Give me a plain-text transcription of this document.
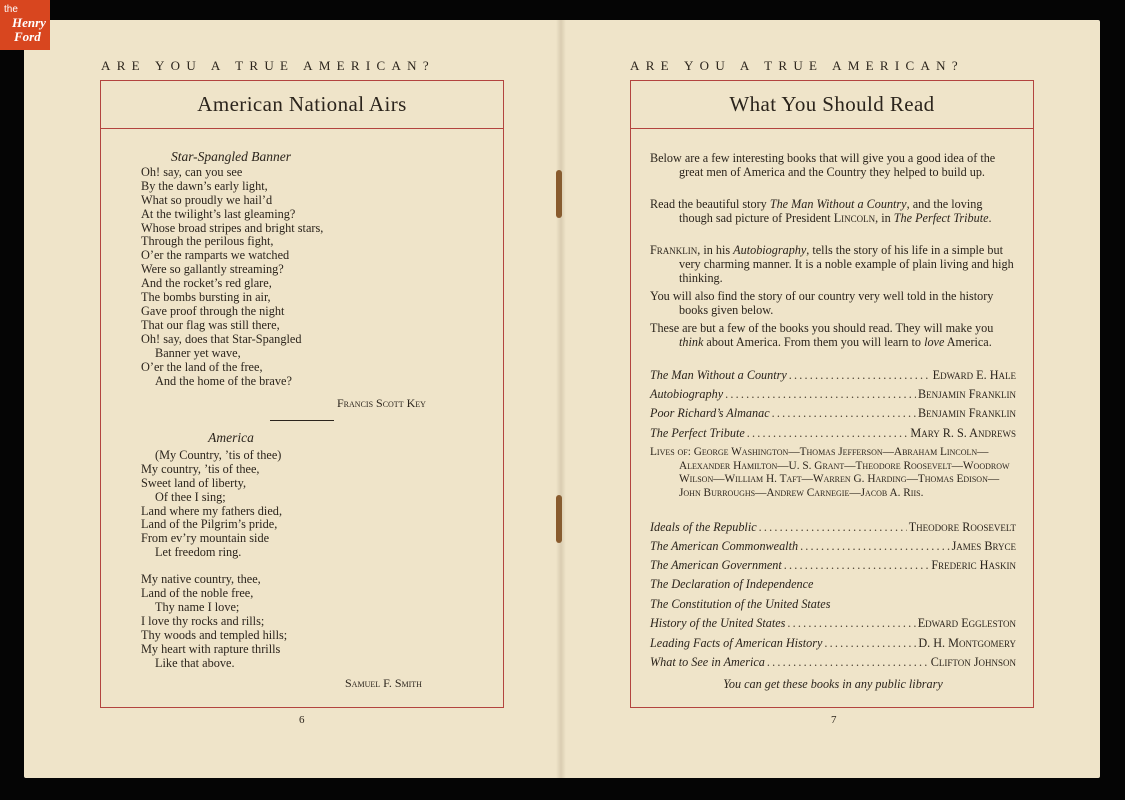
the
Henry
Ford
ARE YOU A TRUE AMERICAN?	ARE YOU A TRUE AMERICAN?
American National Airs
Star-Spangled Banner
Oh! say, can you see
By the dawn’s early light,
What so proudly we hail’d
At the twilight’s last gleaming?
Whose broad stripes and bright stars,
Through the perilous fight,
O’er the ramparts we watched
Were so gallantly streaming?
And the rocket’s red glare,
The bombs bursting in air,
Gave proof through the night
That our flag was still there,
Oh! say, does that Star-Spangled
Banner yet wave,
O’er the land of the free,
And the home of the brave?
Francis Scott Key
America
(My Country, ’tis of thee)
My country, ’tis of thee,
Sweet land of liberty,
Of thee I sing;
Land where my fathers died,
Land of the Pilgrim’s pride,
From ev’ry mountain side
Let freedom ring.
My native country, thee,
Land of the noble free,
Thy name I love;
I love thy rocks and rills;
Thy woods and templed hills;
My heart with rapture thrills
Like that above.
Samuel F. Smith
6
What You Should Read
Below are a few interesting books that will give you a good idea of the great men of America and the Country they helped to build up.
Read the beautiful story The Man Without a Country, and the loving though sad picture of President Lincoln, in The Perfect Tribute.
Franklin, in his Autobiography, tells the story of his life in a simple but very charming manner. It is a noble example of plain living and high thinking.
You will also find the story of our country very well told in the history books given below.
These are but a few of the books you should read. They will make you think about America. From them you will learn to love America.
The Man Without a Country .....	Edward E. Hale
Autobiography .....	Benjamin Franklin
Poor Richard’s Almanac .....	Benjamin Franklin
The Perfect Tribute .....	Mary R. S. Andrews
Lives of: George Washington—Thomas Jefferson—Abraham Lincoln—Alexander Hamilton—U. S. Grant—Theodore Roosevelt—Woodrow Wilson—William H. Taft—Warren G. Harding—Thomas Edison—John Burroughs—Andrew Carnegie—Jacob A. Riis.
Ideals of the Republic .....	Theodore Roosevelt
The American Commonwealth .....	James Bryce
The American Government .....	Frederic Haskin
The Declaration of Independence
The Constitution of the United States
History of the United States .....	Edward Eggleston
Leading Facts of American History .....	D. H. Montgomery
What to See in America .....	Clifton Johnson
You can get these books in any public library
7
